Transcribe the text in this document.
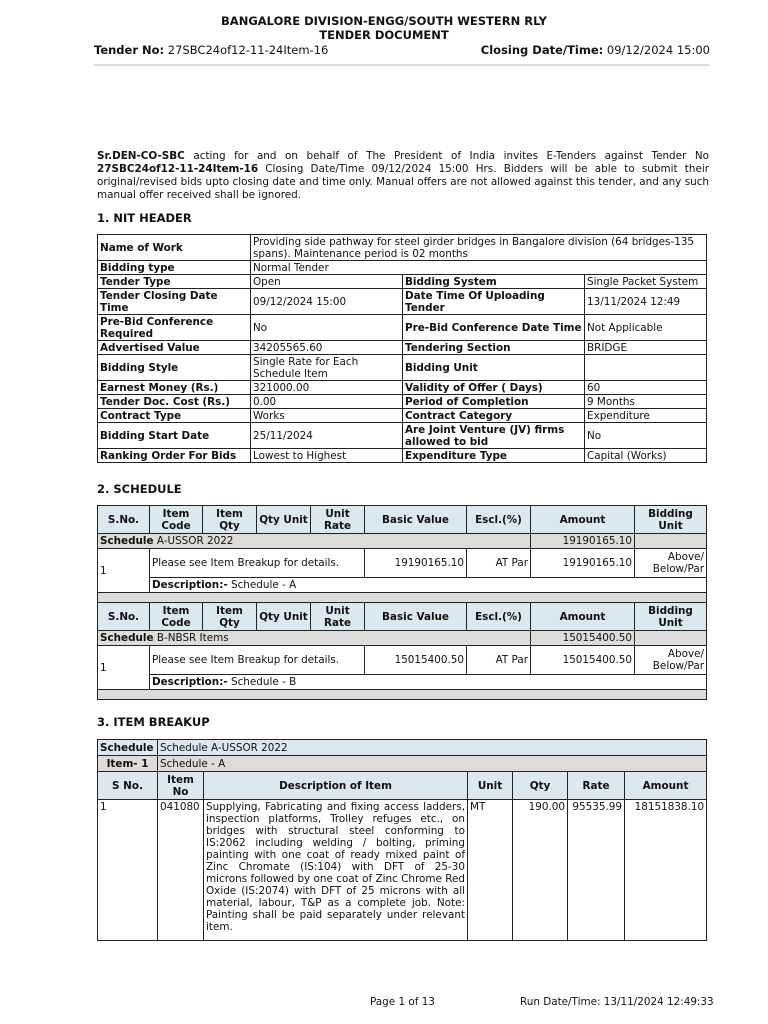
BANGALORE DIVISION-ENGG/SOUTH WESTERN RLY
TENDER DOCUMENT
Tender No: 27SBC24of12-11-24Item-16	Closing Date/Time: 09/12/2024 15:00
Sr.DEN-CO-SBC acting for and on behalf of The President of India invites E-Tenders against Tender No 27SBC24of12-11-24Item-16 Closing Date/Time 09/12/2024 15:00 Hrs. Bidders will be able to submit their original/revised bids upto closing date and time only. Manual offers are not allowed against this tender, and any such manual offer received shall be ignored.
1. NIT HEADER
Name of Work	Providing side pathway for steel girder bridges in Bangalore division (64 bridges-135 spans). Maintenance period is 02 months		
Bidding type	Normal Tender		
Tender Type	Open	Bidding System	Single Packet System
Tender Closing Date Time	09/12/2024 15:00	Date Time Of Uploading Tender	13/11/2024 12:49
Pre-Bid Conference Required	No	Pre-Bid Conference Date Time	Not Applicable
Advertised Value	34205565.60	Tendering Section	BRIDGE
Bidding Style	Single Rate for Each Schedule Item	Bidding Unit	
Earnest Money (Rs.)	321000.00	Validity of Offer ( Days)	60
Tender Doc. Cost (Rs.)	0.00	Period of Completion	9 Months
Contract Type	Works	Contract Category	Expenditure
Bidding Start Date	25/11/2024	Are Joint Venture (JV) firms allowed to bid	No
Ranking Order For Bids	Lowest to Highest	Expenditure Type	Capital (Works)
2. SCHEDULE
S.No.	Item Code	Item Qty	Qty Unit	Unit Rate	Basic Value	Escl.(%)	Amount	Bidding Unit
Schedule A-USSOR 2022							19190165.10	
1	Please see Item Breakup for details.				19190165.10	AT Par	19190165.10	Above/ Below/Par
	Description:- Schedule - A							

S.No.	Item Code	Item Qty	Qty Unit	Unit Rate	Basic Value	Escl.(%)	Amount	Bidding Unit
Schedule B-NBSR Items							15015400.50	
1	Please see Item Breakup for details.				15015400.50	AT Par	15015400.50	Above/ Below/Par
	Description:- Schedule - B							

3. ITEM BREAKUP
Schedule	Schedule A-USSOR 2022					
Item- 1	Schedule - A					
S No.	Item No	Description of Item	Unit	Qty	Rate	Amount
1	041080	Supplying, Fabricating and fixing access ladders, inspection platforms, Trolley refuges etc., on bridges with structural steel conforming to IS:2062 including welding / bolting, priming painting with one coat of ready mixed paint of Zinc Chromate (IS:104) with DFT of 25-30 microns followed by one coat of Zinc Chrome Red Oxide (IS:2074) with DFT of 25 microns with all material, labour, T&P as a complete job. Note: Painting shall be paid separately under relevant item.	MT	190.00	95535.99	18151838.10
Page 1 of 13	Run Date/Time: 13/11/2024 12:49:33
